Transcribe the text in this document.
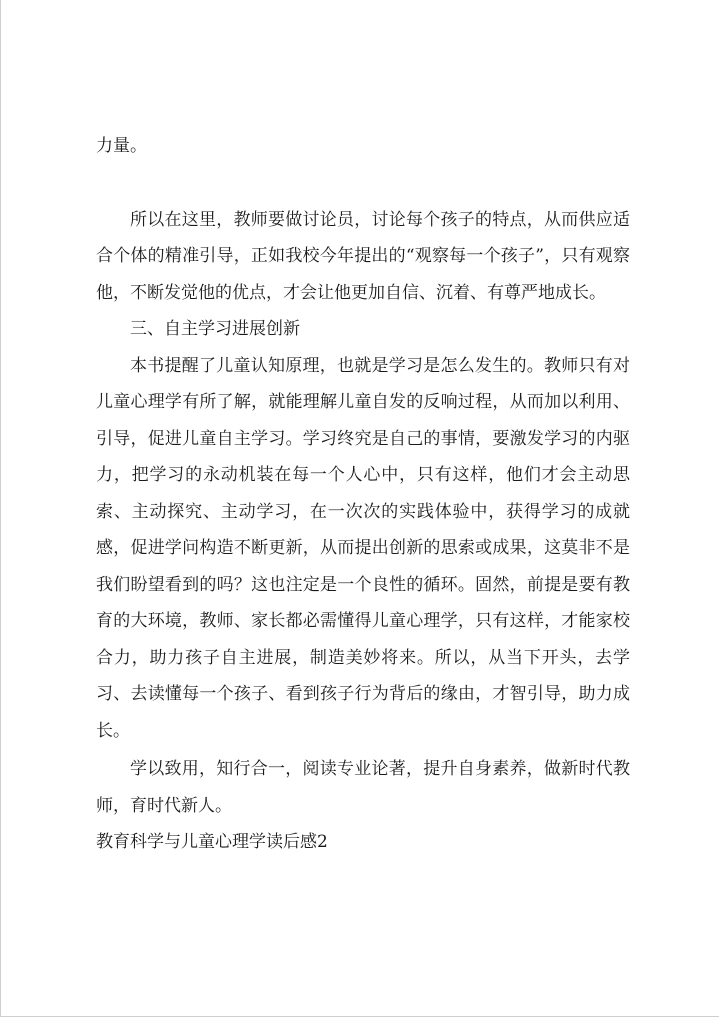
力量。

所以在这里，教师要做讨论员，讨论每个孩子的特点，从而供应适合个体的精准引导，正如我校今年提出的“观察每一个孩子”，只有观察他，不断发觉他的优点，才会让他更加自信、沉着、有尊严地成长。

三、自主学习进展创新

本书提醒了儿童认知原理，也就是学习是怎么发生的。教师只有对儿童心理学有所了解，就能理解儿童自发的反响过程，从而加以利用、引导，促进儿童自主学习。学习终究是自己的事情，要激发学习的内驱力，把学习的永动机装在每一个人心中，只有这样，他们才会主动思索、主动探究、主动学习，在一次次的实践体验中，获得学习的成就感，促进学问构造不断更新，从而提出创新的思索或成果，这莫非不是我们盼望看到的吗？这也注定是一个良性的循环。固然，前提是要有教育的大环境，教师、家长都必需懂得儿童心理学，只有这样，才能家校合力，助力孩子自主进展，制造美妙将来。所以，从当下开头，去学习、去读懂每一个孩子、看到孩子行为背后的缘由，才智引导，助力成长。

学以致用，知行合一，阅读专业论著，提升自身素养，做新时代教师，育时代新人。

教育科学与儿童心理学读后感2
